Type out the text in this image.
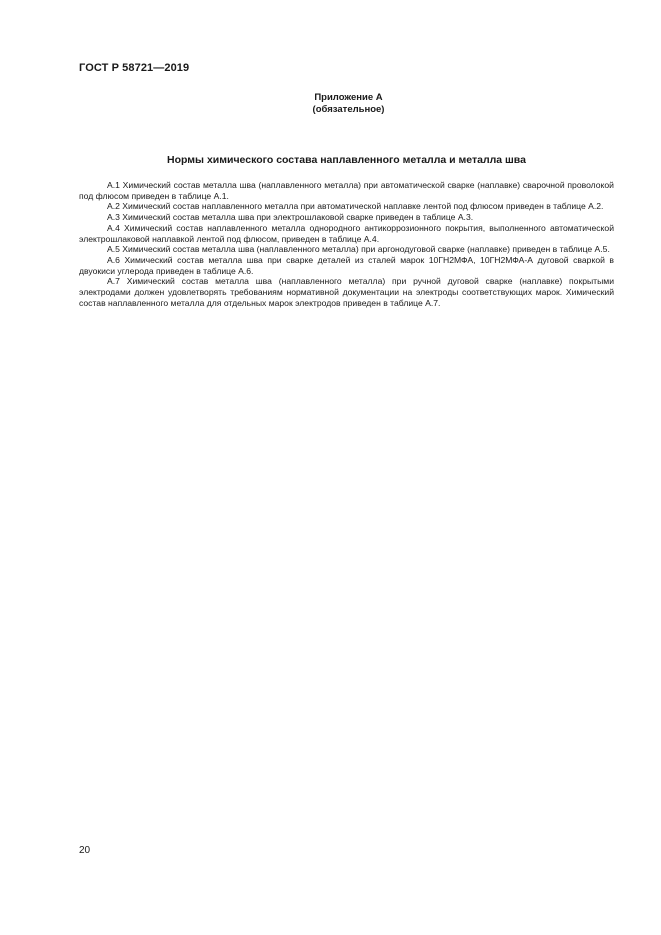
ГОСТ Р 58721—2019
Приложение А
(обязательное)
Нормы химического состава наплавленного металла и металла шва

А.1 Химический состав металла шва (наплавленного металла) при автоматической сварке (наплавке) сварочной проволокой под флюсом приведен в таблице А.1.

А.2 Химический состав наплавленного металла при автоматической наплавке лентой под флюсом приведен в таблице А.2.

А.3 Химический состав металла шва при электрошлаковой сварке приведен в таблице А.3.

А.4 Химический состав наплавленного металла однородного антикоррозионного покрытия, выполненного автоматической электрошлаковой наплавкой лентой под флюсом, приведен в таблице А.4.

А.5 Химический состав металла шва (наплавленного металла) при аргонодуговой сварке (наплавке) приведен в таблице А.5.

А.6 Химический состав металла шва при сварке деталей из сталей марок 10ГН2МФА, 10ГН2МФА-А дуговой сваркой в двуокиси углерода приведен в таблице А.6.

А.7 Химический состав металла шва (наплавленного металла) при ручной дуговой сварке (наплавке) покрытыми электродами должен удовлетворять требованиям нормативной документации на электроды соответствующих марок. Химический состав наплавленного металла для отдельных марок электродов приведен в таблице А.7.

20
